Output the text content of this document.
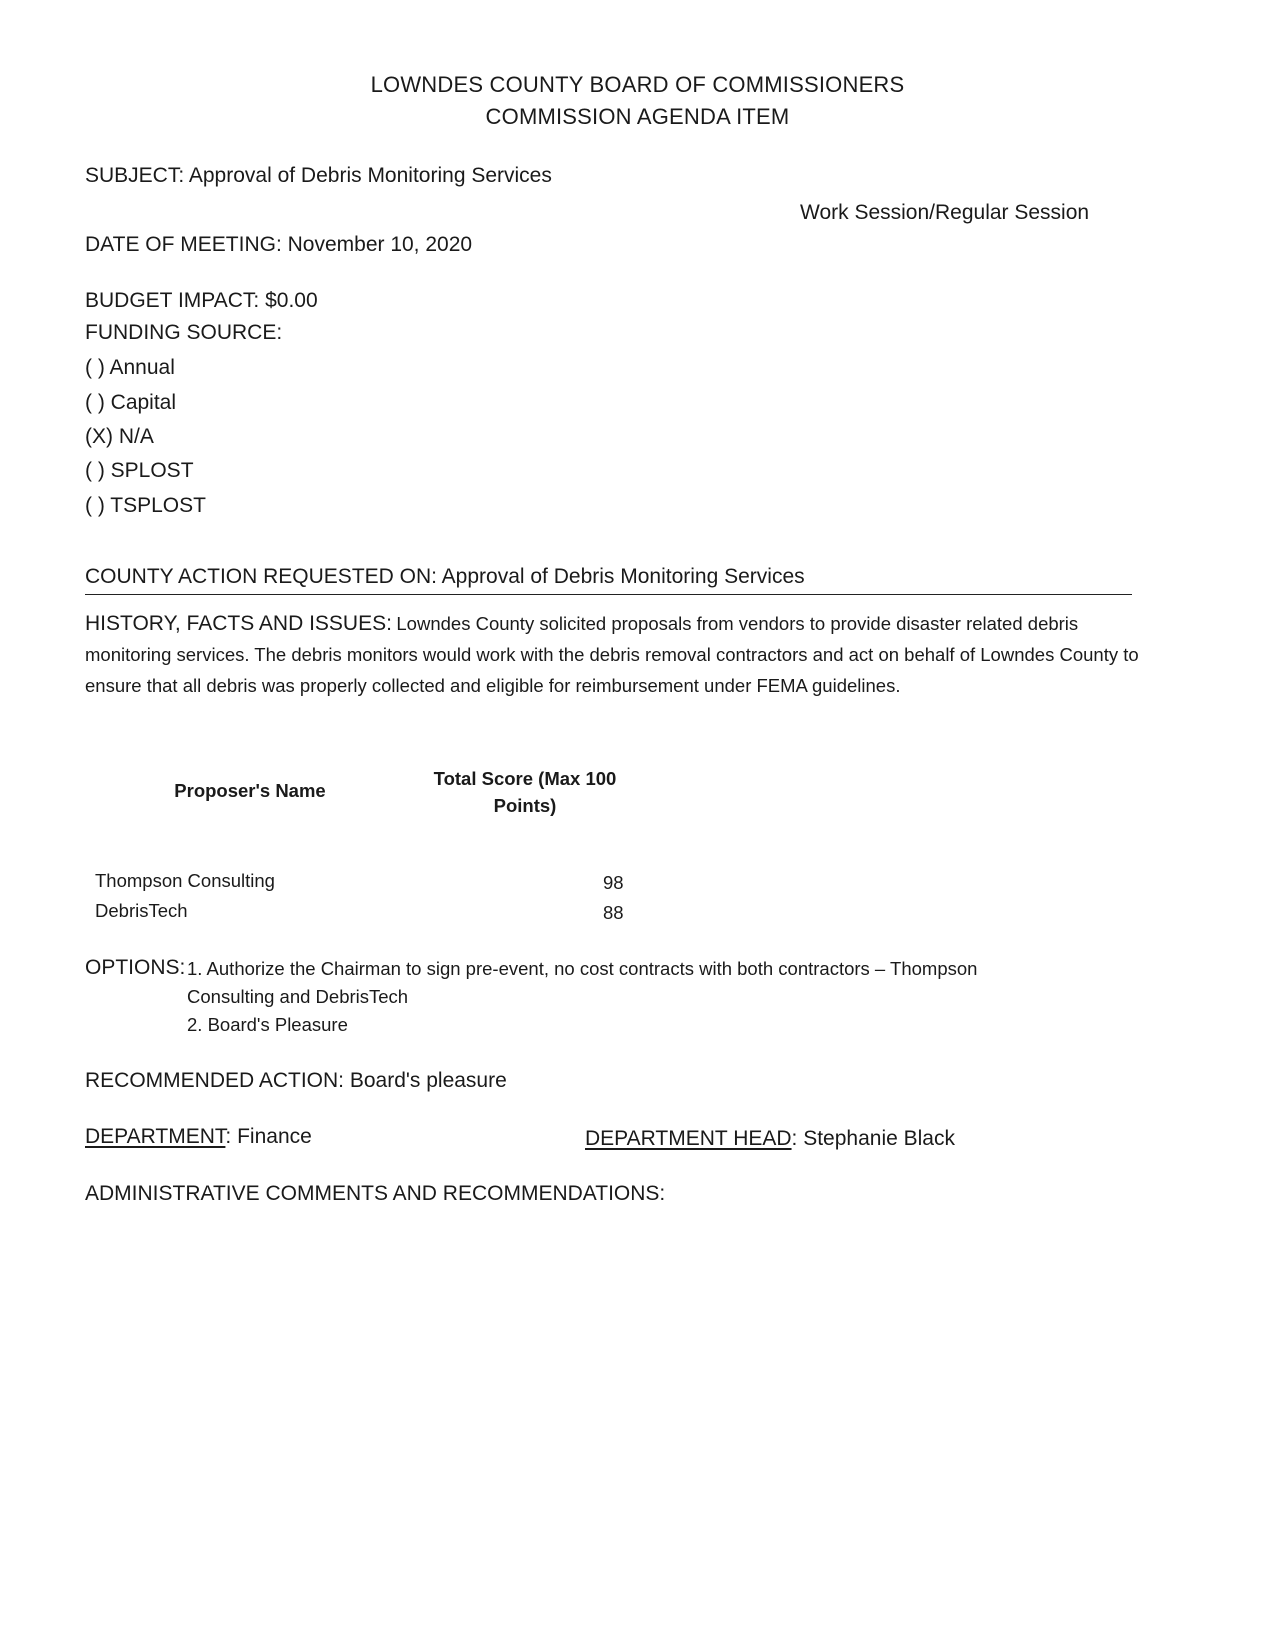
LOWNDES COUNTY BOARD OF COMMISSIONERS
COMMISSION AGENDA ITEM
SUBJECT: Approval of Debris Monitoring Services
Work Session/Regular Session
DATE OF MEETING: November 10, 2020
BUDGET IMPACT: $0.00
FUNDING SOURCE:
( ) Annual
( ) Capital
(X) N/A
( ) SPLOST
( ) TSPLOST
COUNTY ACTION REQUESTED ON: Approval of Debris Monitoring Services
HISTORY, FACTS AND ISSUES: Lowndes County solicited proposals from vendors to provide disaster related debris monitoring services. The debris monitors would work with the debris removal contractors and act on behalf of Lowndes County to ensure that all debris was properly collected and eligible for reimbursement under FEMA guidelines.
Proposer's Name
Total Score (Max 100
Points)
Thompson Consulting	98
DebrisTech	88
OPTIONS: 1. Authorize the Chairman to sign pre-event, no cost contracts with both contractors – Thompson
Consulting and DebrisTech
2. Board's Pleasure
RECOMMENDED ACTION: Board's pleasure
DEPARTMENT: Finance	DEPARTMENT HEAD: Stephanie Black
ADMINISTRATIVE COMMENTS AND RECOMMENDATIONS:
